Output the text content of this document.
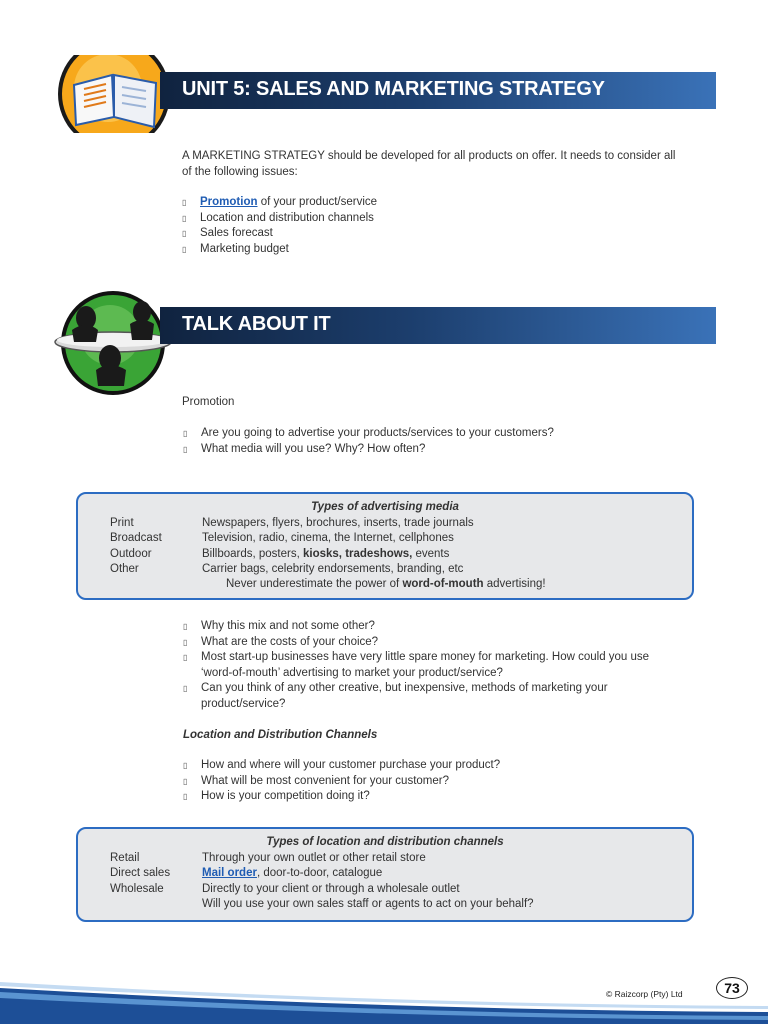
UNIT 5: SALES AND MARKETING STRATEGY
A MARKETING STRATEGY should be developed for all products on offer. It needs to consider all
of the following issues:
▯ Promotion of your product/service
▯ Location and distribution channels
▯ Sales forecast
▯ Marketing budget
TALK ABOUT IT
Promotion
▯ Are you going to advertise your products/services to your customers?
▯ What media will you use? Why? How often?
Types of advertising media
Print	Newspapers, flyers, brochures, inserts, trade journals
Broadcast	Television, radio, cinema, the Internet, cellphones
Outdoor	Billboards, posters, kiosks, tradeshows, events
Other	Carrier bags, celebrity endorsements, branding, etc
Never underestimate the power of word-of-mouth advertising!
▯ Why this mix and not some other?
▯ What are the costs of your choice?
▯ Most start-up businesses have very little spare money for marketing. How could you use
‘word-of-mouth’ advertising to market your product/service?
▯ Can you think of any other creative, but inexpensive, methods of marketing your
product/service?
Location and Distribution Channels
▯ How and where will your customer purchase your product?
▯ What will be most convenient for your customer?
▯ How is your competition doing it?
Types of location and distribution channels
Retail	Through your own outlet or other retail store
Direct sales	Mail order, door-to-door, catalogue
Wholesale	Directly to your client or through a wholesale outlet
Will you use your own sales staff or agents to act on your behalf?
© Raizcorp (Pty) Ltd	73
